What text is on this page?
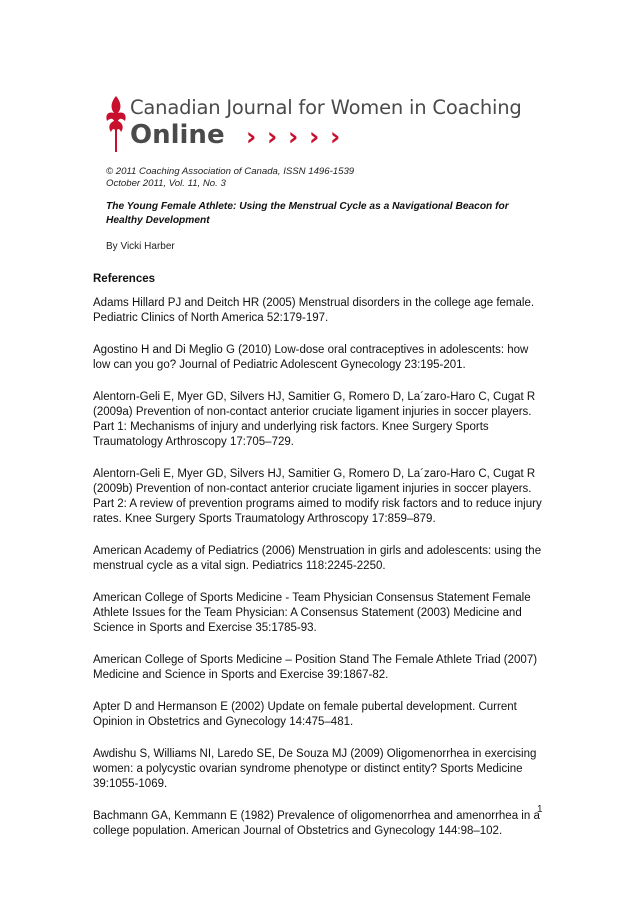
Canadian Journal for Women in Coaching
Online › › › › ›
© 2011 Coaching Association of Canada, ISSN 1496-1539
October 2011, Vol. 11, No. 3
The Young Female Athlete: Using the Menstrual Cycle as a Navigational Beacon for Healthy Development
By Vicki Harber
References
Adams Hillard PJ and Deitch HR (2005) Menstrual disorders in the college age female. Pediatric Clinics of North America 52:179-197.
Agostino H and Di Meglio G (2010) Low-dose oral contraceptives in adolescents: how low can you go? Journal of Pediatric Adolescent Gynecology 23:195-201.
Alentorn-Geli E, Myer GD, Silvers HJ, Samitier G, Romero D, La´zaro-Haro C, Cugat R (2009a) Prevention of non-contact anterior cruciate ligament injuries in soccer players. Part 1: Mechanisms of injury and underlying risk factors. Knee Surgery Sports Traumatology Arthroscopy 17:705–729.
Alentorn-Geli E, Myer GD, Silvers HJ, Samitier G, Romero D, La´zaro-Haro C, Cugat R (2009b) Prevention of non-contact anterior cruciate ligament injuries in soccer players. Part 2: A review of prevention programs aimed to modify risk factors and to reduce injury rates. Knee Surgery Sports Traumatology Arthroscopy 17:859–879.
American Academy of Pediatrics (2006) Menstruation in girls and adolescents: using the menstrual cycle as a vital sign. Pediatrics 118:2245-2250.
American College of Sports Medicine - Team Physician Consensus Statement Female Athlete Issues for the Team Physician: A Consensus Statement (2003) Medicine and Science in Sports and Exercise 35:1785-93.
American College of Sports Medicine – Position Stand The Female Athlete Triad (2007) Medicine and Science in Sports and Exercise 39:1867-82.
Apter D and Hermanson E (2002) Update on female pubertal development. Current Opinion in Obstetrics and Gynecology 14:475–481.
Awdishu S, Williams NI, Laredo SE, De Souza MJ (2009) Oligomenorrhea in exercising women: a polycystic ovarian syndrome phenotype or distinct entity? Sports Medicine 39:1055-1069.
Bachmann GA, Kemmann E (1982) Prevalence of oligomenorrhea and amenorrhea in a college population. American Journal of Obstetrics and Gynecology 144:98–102.
1
